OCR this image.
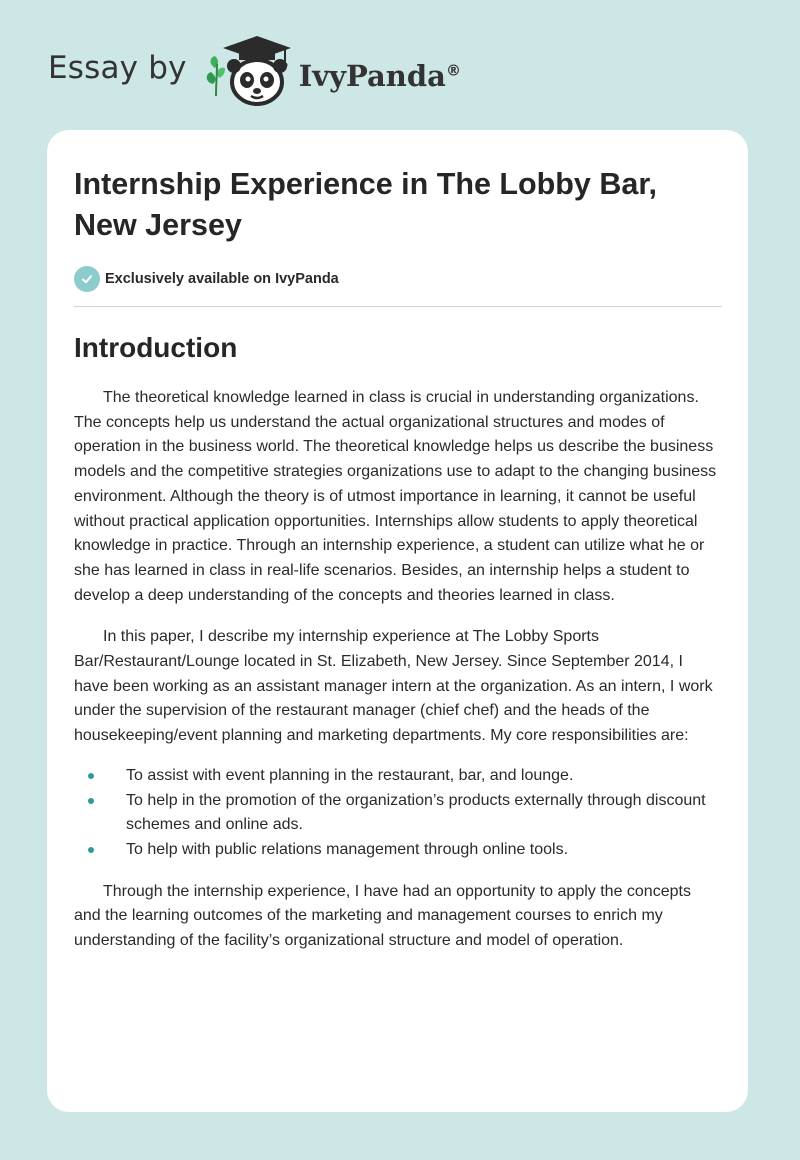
Essay by	IvyPanda®
Internship Experience in The Lobby Bar, New Jersey
Exclusively available on IvyPanda
Introduction

The theoretical knowledge learned in class is crucial in understanding organizations. The concepts help us understand the actual organizational structures and modes of operation in the business world. The theoretical knowledge helps us describe the business models and the competitive strategies organizations use to adapt to the changing business environment. Although the theory is of utmost importance in learning, it cannot be useful without practical application opportunities. Internships allow students to apply theoretical knowledge in practice. Through an internship experience, a student can utilize what he or she has learned in class in real-life scenarios. Besides, an internship helps a student to develop a deep understanding of the concepts and theories learned in class.

In this paper, I describe my internship experience at The Lobby Sports Bar/Restaurant/Lounge located in St. Elizabeth, New Jersey. Since September 2014, I have been working as an assistant manager intern at the organization. As an intern, I work under the supervision of the restaurant manager (chief chef) and the heads of the housekeeping/event planning and marketing departments. My core responsibilities are:

To assist with event planning in the restaurant, bar, and lounge.
To help in the promotion of the organization’s products externally through discount schemes and online ads.
To help with public relations management through online tools.

Through the internship experience, I have had an opportunity to apply the concepts and the learning outcomes of the marketing and management courses to enrich my understanding of the facility’s organizational structure and model of operation.
